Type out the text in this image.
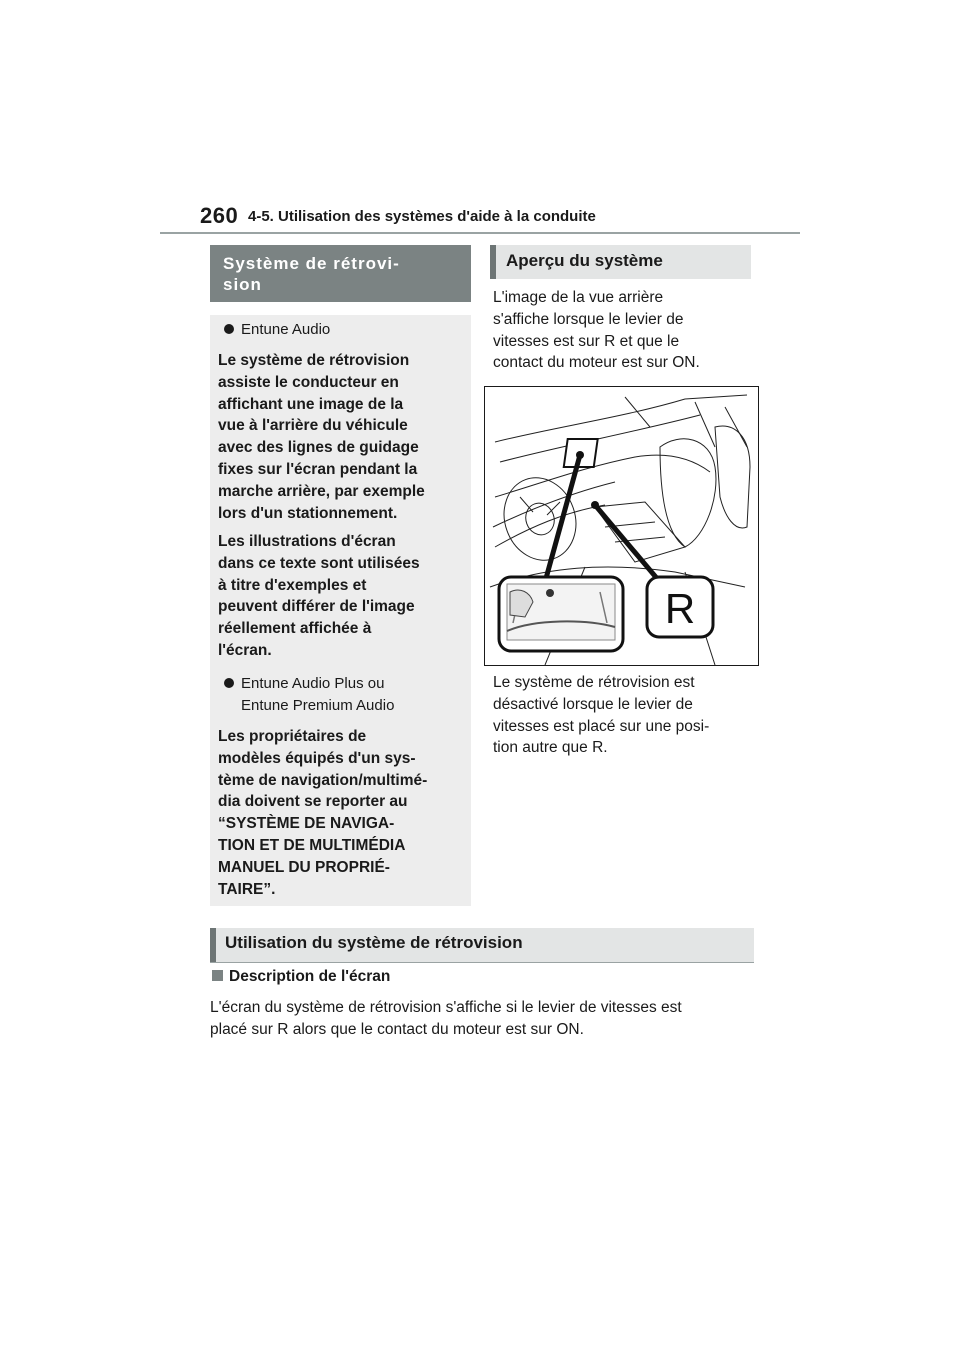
260 4-5. Utilisation des systèmes d'aide à la conduite
Système de rétrovi-
sion
Entune Audio
Le système de rétrovision
assiste le conducteur en
affichant une image de la
vue à l'arrière du véhicule
avec des lignes de guidage
fixes sur l'écran pendant la
marche arrière, par exemple
lors d'un stationnement.
Les illustrations d'écran
dans ce texte sont utilisées
à titre d'exemples et
peuvent différer de l'image
réellement affichée à
l'écran.
Entune Audio Plus ou
Entune Premium Audio
Les propriétaires de
modèles équipés d'un sys-
tème de navigation/multimé-
dia doivent se reporter au
“SYSTÈME DE NAVIGA-
TION ET DE MULTIMÉDIA
MANUEL DU PROPRIÉ-
TAIRE”.
Aperçu du système
L'image de la vue arrière
s'affiche lorsque le levier de
vitesses est sur R et que le
contact du moteur est sur ON.
R
Le système de rétrovision est
désactivé lorsque le levier de
vitesses est placé sur une posi-
tion autre que R.
Utilisation du système de rétrovision
Description de l'écran
L'écran du système de rétrovision s'affiche si le levier de vitesses est
placé sur R alors que le contact du moteur est sur ON.
